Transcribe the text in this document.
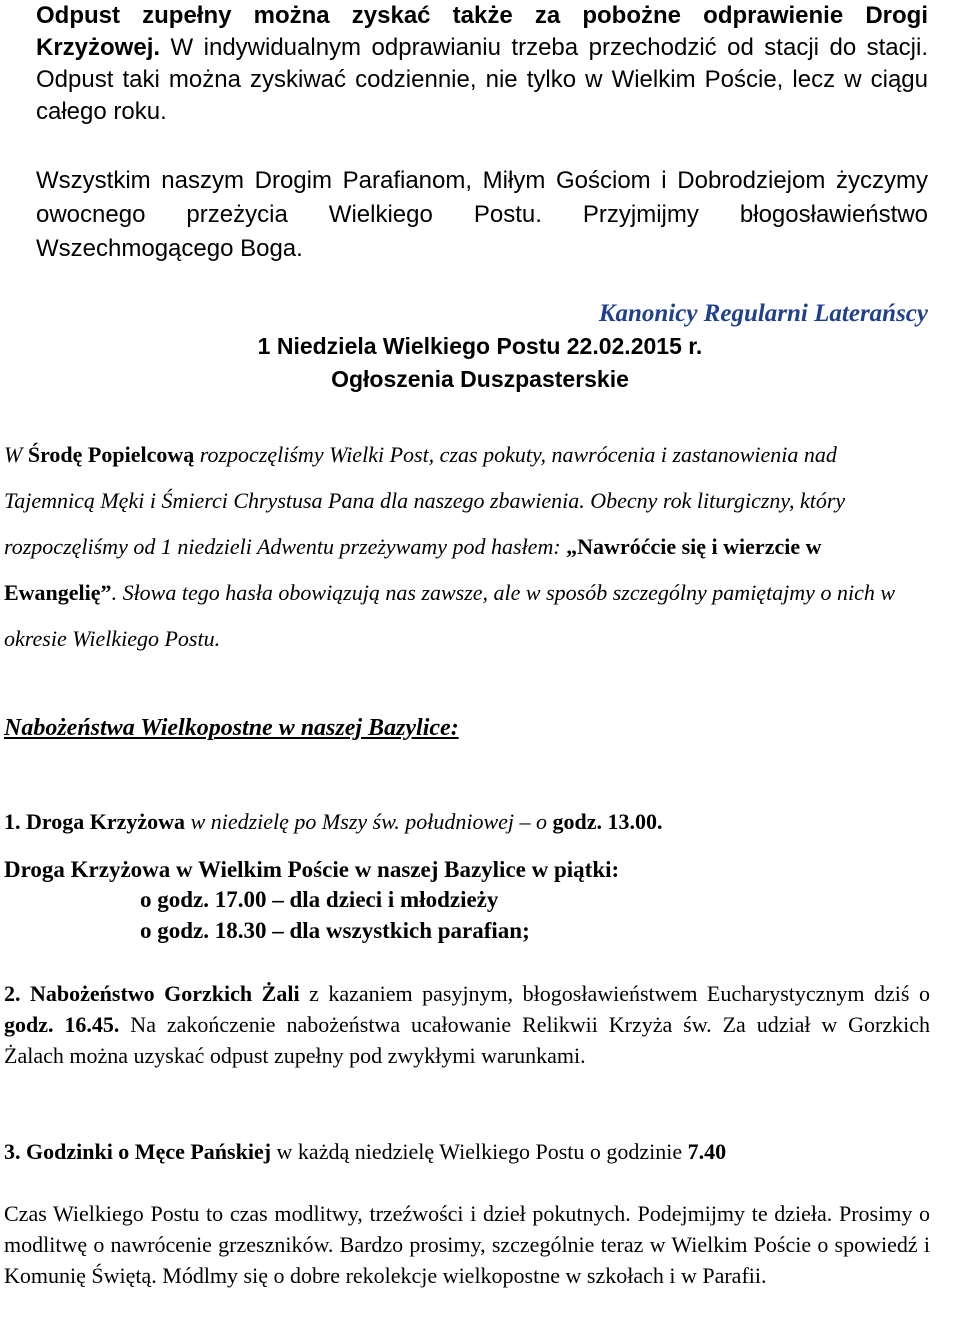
Odpust zupełny można zyskać także za pobożne odprawienie Drogi Krzyżowej. W indywidualnym odprawianiu trzeba przechodzić od stacji do stacji. Odpust taki można zyskiwać codziennie, nie tylko w Wielkim Poście, lecz w ciągu całego roku.

Wszystkim naszym Drogim Parafianom, Miłym Gościom i Dobrodziejom życzymy owocnego przeżycia Wielkiego Postu. Przyjmijmy błogosławieństwo Wszechmogącego Boga.

Kanonicy Regularni Laterańscy
1 Niedziela Wielkiego Postu 22.02.2015 r.
Ogłoszenia Duszpasterskie

W Środę Popielcową rozpoczęliśmy Wielki Post, czas pokuty, nawrócenia i zastanowienia nad Tajemnicą Męki i Śmierci Chrystusa Pana dla naszego zbawienia. Obecny rok liturgiczny, który rozpoczęliśmy od 1 niedzieli Adwentu przeżywamy pod hasłem: „Nawróćcie się i wierzcie w Ewangelię”. Słowa tego hasła obowiązują nas zawsze, ale w sposób szczególny pamiętajmy o nich w okresie Wielkiego Postu.

Nabożeństwa Wielkopostne w naszej Bazylice:

1. Droga Krzyżowa w niedzielę po Mszy św. południowej – o godz. 13.00.

Droga Krzyżowa w Wielkim Poście w naszej Bazylice w piątki:
o godz. 17.00 – dla dzieci i młodzieży
o godz. 18.30 – dla wszystkich parafian;

2. Nabożeństwo Gorzkich Żali z kazaniem pasyjnym, błogosławieństwem Eucharystycznym dziś o godz. 16.45. Na zakończenie nabożeństwa ucałowanie Relikwii Krzyża św. Za udział w Gorzkich Żalach można uzyskać odpust zupełny pod zwykłymi warunkami.

3. Godzinki o Męce Pańskiej w każdą niedzielę Wielkiego Postu o godzinie 7.40

Czas Wielkiego Postu to czas modlitwy, trzeźwości i dzieł pokutnych. Podejmijmy te dzieła. Prosimy o modlitwę o nawrócenie grzeszników. Bardzo prosimy, szczególnie teraz w Wielkim Poście o spowiedź i Komunię Świętą. Módlmy się o dobre rekolekcje wielkopostne w szkołach i w Parafii.
